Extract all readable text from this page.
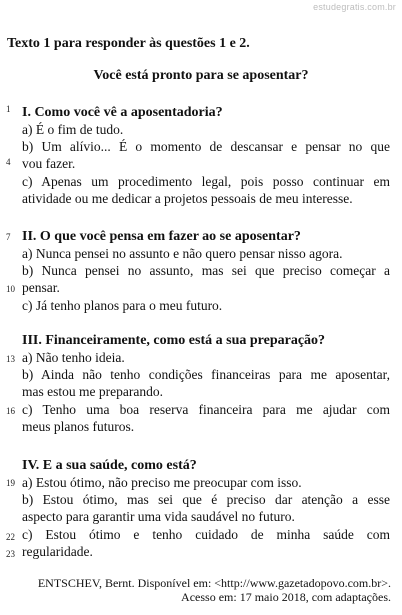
estudegratis.com.br
Texto 1 para responder às questões 1 e 2.
Você está pronto para se aposentar?
1
4
7
10
13
16
19
22
23
I. Como você vê a aposentadoria?
a) É o fim de tudo.
b) Um alívio... É o momento de descansar e pensar no que
vou fazer.
c) Apenas um procedimento legal, pois posso continuar em
atividade ou me dedicar a projetos pessoais de meu interesse.
II. O que você pensa em fazer ao se aposentar?
a) Nunca pensei no assunto e não quero pensar nisso agora.
b) Nunca pensei no assunto, mas sei que preciso começar a
pensar.
c) Já tenho planos para o meu futuro.
III. Financeiramente, como está a sua preparação?
a) Não tenho ideia.
b) Ainda não tenho condições financeiras para me aposentar,
mas estou me preparando.
c) Tenho uma boa reserva financeira para me ajudar com
meus planos futuros.
IV. E a sua saúde, como está?
a) Estou ótimo, não preciso me preocupar com isso.
b) Estou ótimo, mas sei que é preciso dar atenção a esse
aspecto para garantir uma vida saudável no futuro.
c) Estou ótimo e tenho cuidado de minha saúde com
regularidade.
ENTSCHEV, Bernt. Disponível em: <http://www.gazetadopovo.com.br>.
Acesso em: 17 maio 2018, com adaptações.
